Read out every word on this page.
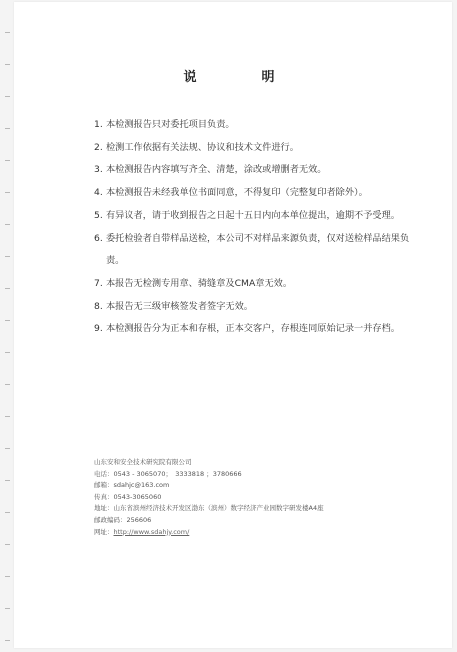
说　明
1. 本检测报告只对委托项目负责。
2. 检测工作依据有关法规、协议和技术文件进行。
3. 本检测报告内容填写齐全、清楚，涂改或增删者无效。
4. 本检测报告未经我单位书面同意，不得复印（完整复印者除外）。
5. 有异议者，请于收到报告之日起十五日内向本单位提出，逾期不予受理。
6. 委托检验者自带样品送检，本公司不对样品来源负责，仅对送检样品结果负责。
7. 本报告无检测专用章、骑缝章及CMA章无效。
8. 本报告无三级审核签发者签字无效。
9. 本检测报告分为正本和存根，正本交客户，存根连同原始记录一并存档。
山东安和安全技术研究院有限公司
电话：0543 - 3065070；　3333818 ；3780666
邮箱：sdahjc@163.com
传真：0543-3065060
地址：山东省滨州经济技术开发区渤东（滨州）数字经济产业园数字研发楼A4座
邮政编码：256606
网址：http://www.sdahjy.com/
